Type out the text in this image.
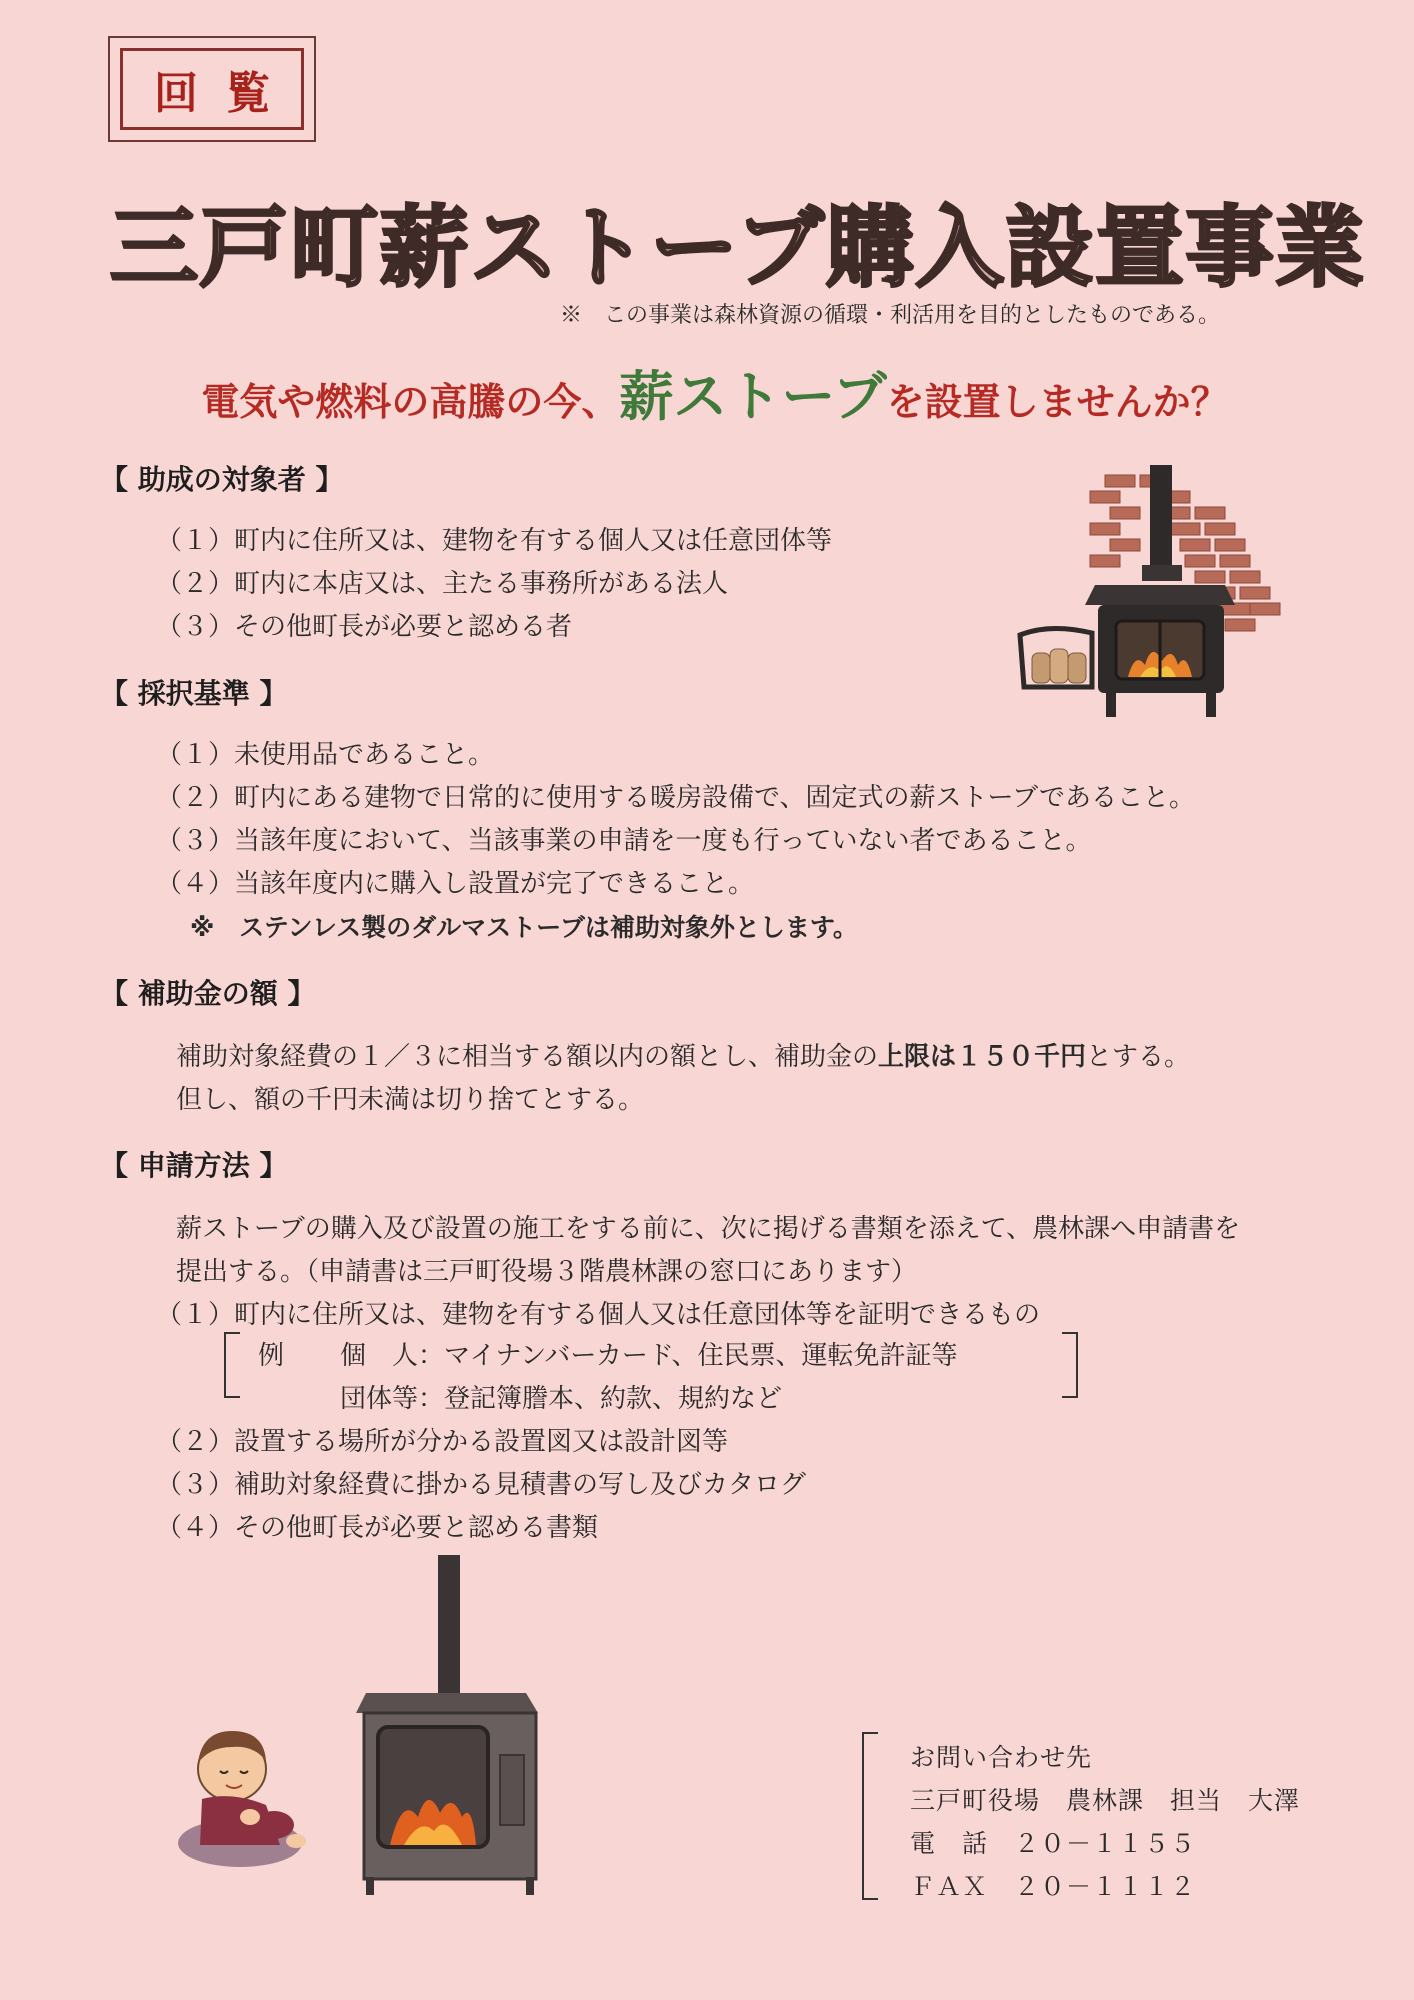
回覧
三戸町薪ストーブ購入設置事業
※　この事業は森林資源の循環・利活用を目的としたものである。
電気や燃料の高騰の今、薪ストーブを設置しませんか？
【 助成の対象者 】
（１）町内に住所又は、建物を有する個人又は任意団体等
（２）町内に本店又は、主たる事務所がある法人
（３）その他町長が必要と認める者
【 採択基準 】
（１）未使用品であること。
（２）町内にある建物で日常的に使用する暖房設備で、固定式の薪ストーブであること。
（３）当該年度において、当該事業の申請を一度も行っていない者であること。
（４）当該年度内に購入し設置が完了できること。
※　ステンレス製のダルマストーブは補助対象外とします。
【 補助金の額 】
補助対象経費の１／３に相当する額以内の額とし、補助金の上限は１５０千円とする。
但し、額の千円未満は切り捨てとする。
【 申請方法 】
薪ストーブの購入及び設置の施工をする前に、次に掲げる書類を添えて、農林課へ申請書を
提出する。（申請書は三戸町役場３階農林課の窓口にあります）
（１）町内に住所又は、建物を有する個人又は任意団体等を証明できるもの
例 個　人：マイナンバーカード、住民票、運転免許証等
団体等：登記簿謄本、約款、規約など
（２）設置する場所が分かる設置図又は設計図等
（３）補助対象経費に掛かる見積書の写し及びカタログ
（４）その他町長が必要と認める書類
お問い合わせ先
三戸町役場　農林課　担当　大澤
電　話　２０－１１５５
ＦＡＸ　２０－１１１２
